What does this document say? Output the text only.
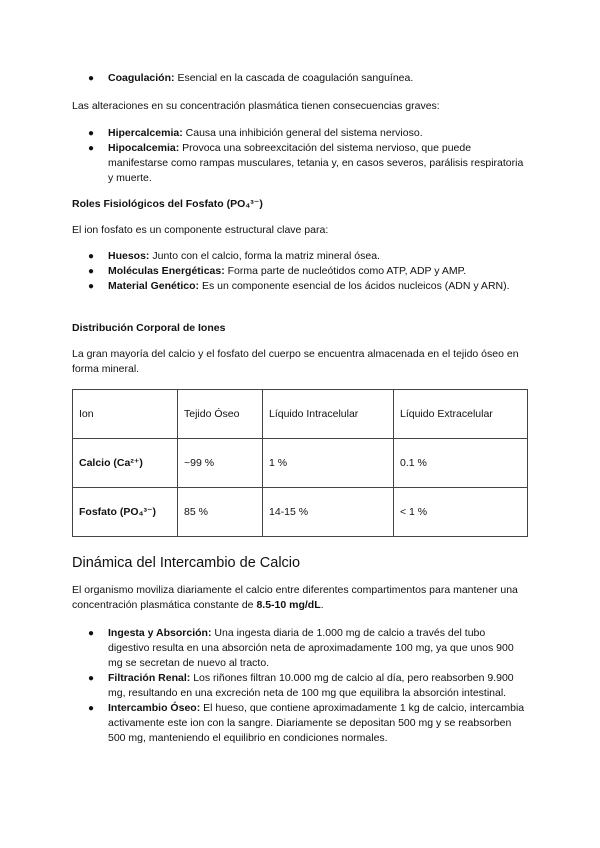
● Coagulación: Esencial en la cascada de coagulación sanguínea.
Las alteraciones en su concentración plasmática tienen consecuencias graves:
● Hipercalcemia: Causa una inhibición general del sistema nervioso.
● Hipocalcemia: Provoca una sobreexcitación del sistema nervioso, que puede manifestarse como rampas musculares, tetania y, en casos severos, parálisis respiratoria y muerte.
Roles Fisiológicos del Fosfato (PO₄³⁻)
El ion fosfato es un componente estructural clave para:
● Huesos: Junto con el calcio, forma la matriz mineral ósea.
● Moléculas Energéticas: Forma parte de nucleótidos como ATP, ADP y AMP.
● Material Genético: Es un componente esencial de los ácidos nucleicos (ADN y ARN).
Distribución Corporal de Iones
La gran mayoría del calcio y el fosfato del cuerpo se encuentra almacenada en el tejido óseo en forma mineral.
Ion	Tejido Óseo	Líquido Intracelular	Líquido Extracelular
Calcio (Ca²⁺)	~99 %	1 %	0.1 %
Fosfato (PO₄³⁻)	85 %	14-15 %	< 1 %
Dinámica del Intercambio de Calcio
El organismo moviliza diariamente el calcio entre diferentes compartimentos para mantener una concentración plasmática constante de 8.5-10 mg/dL.
● Ingesta y Absorción: Una ingesta diaria de 1.000 mg de calcio a través del tubo digestivo resulta en una absorción neta de aproximadamente 100 mg, ya que unos 900 mg se secretan de nuevo al tracto.
● Filtración Renal: Los riñones filtran 10.000 mg de calcio al día, pero reabsorben 9.900 mg, resultando en una excreción neta de 100 mg que equilibra la absorción intestinal.
● Intercambio Óseo: El hueso, que contiene aproximadamente 1 kg de calcio, intercambia activamente este ion con la sangre. Diariamente se depositan 500 mg y se reabsorben 500 mg, manteniendo el equilibrio en condiciones normales.
